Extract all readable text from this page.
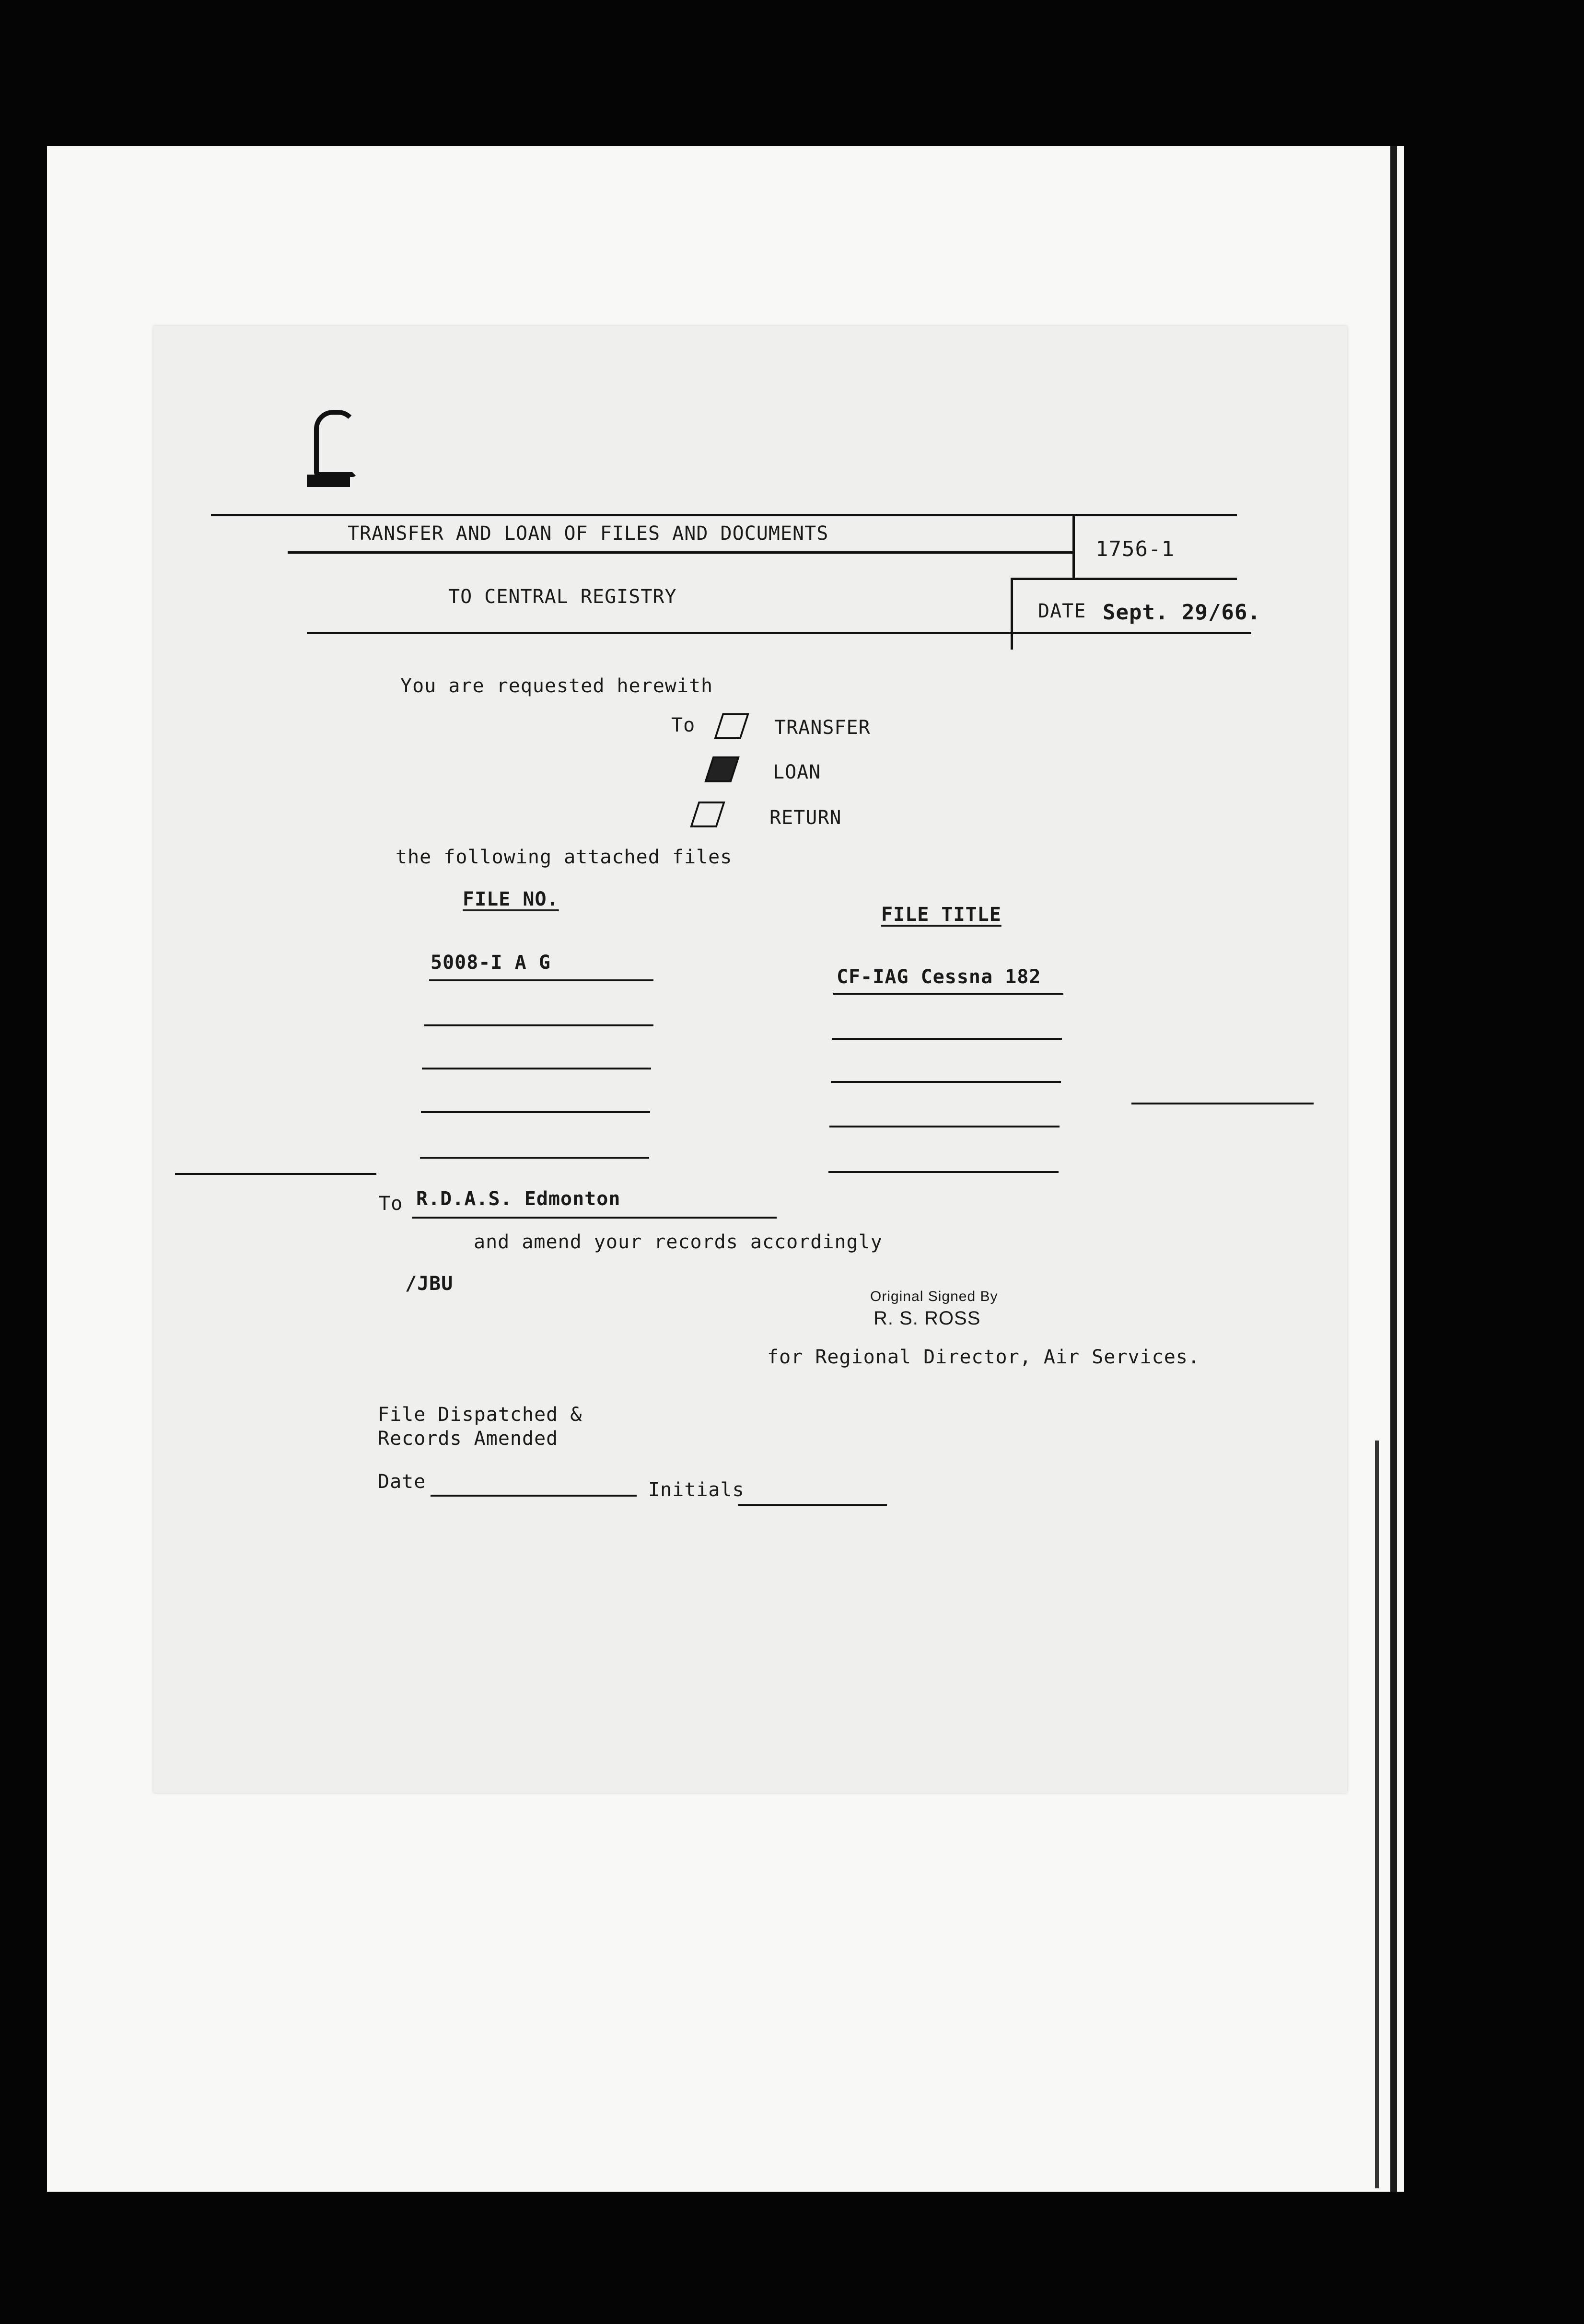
TRANSFER AND LOAN OF FILES AND DOCUMENTS
TO CENTRAL REGISTRY
1756-1
DATE Sept. 29/66.
You are requested herewith
To	TRANSFER
LOAN
RETURN
the following attached files
FILE NO.
FILE TITLE
5008-I A G
CF-IAG Cessna 182
To R.D.A.S. Edmonton
and amend your records accordingly
/JBU
Original Signed By
R. S. ROSS
for Regional Director, Air Services.
File Dispatched &
Records Amended
Date	Initials
